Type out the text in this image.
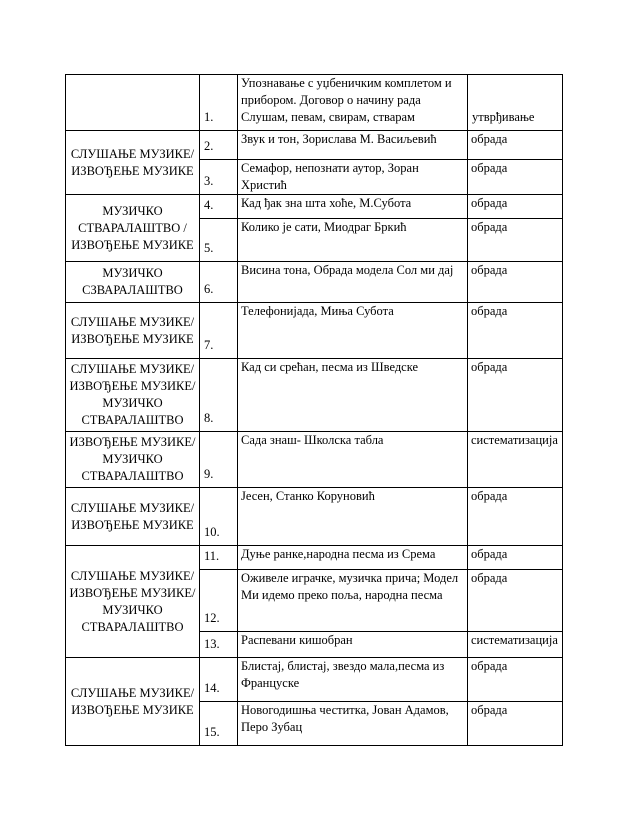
	1.	Упознавање с уџбеничким комплетом и прибором. Договор о начину рада Слушам, певам, свирам, стварам	утврђивање
СЛУШАЊЕ МУЗИКЕ/ИЗВОЂЕЊЕ МУЗИКЕ	2.	Звук и тон, Зорислава М. Васиљевић	обрада
	3.	Семафор, непознати аутор, Зоран Христић	обрада
МУЗИЧКО СТВАРАЛАШТВО /ИЗВОЂЕЊЕ МУЗИКЕ	4.	Кад ђак зна шта хоће, М.Субота	обрада
	5.	Колико је сати, Миодраг Бркић	обрада
МУЗИЧКО СЗВАРАЛАШТВО	6.	Висина тона, Обрада модела Сол ми дај	обрада
СЛУШАЊЕ МУЗИКЕ/ИЗВОЂЕЊЕ МУЗИКЕ	7.	Телефонијада, Миња Субота	обрада
СЛУШАЊЕ МУЗИКЕ/ИЗВОЂЕЊЕ МУЗИКЕ/МУЗИЧКО СТВАРАЛАШТВО	8.	Кад си срећан, песма из Шведске	обрада
ИЗВОЂЕЊЕ МУЗИКЕ/МУЗИЧКО СТВАРАЛАШТВО	9.	Сада знаш- Школска табла	систематизација
СЛУШАЊЕ МУЗИКЕ/ИЗВОЂЕЊЕ МУЗИКЕ	10.	Јесен, Станко Коруновић	обрада
СЛУШАЊЕ МУЗИКЕ/ИЗВОЂЕЊЕ МУЗИКЕ/МУЗИЧКО СТВАРАЛАШТВО	11.	Дуње ранке,народна песма из Срема	обрада
	12.	Оживеле играчке, музичка прича; Модел Ми идемо преко поља, народна песма	обрада
	13.	Распевани кишобран	систематизација
СЛУШАЊЕ МУЗИКЕ/ИЗВОЂЕЊЕ МУЗИКЕ	14.	Блистај, блистај, звездо мала,песма из Француске	обрада
	15.	Новогодишња честитка, Јован Адамов, Перо Зубац	обрада
